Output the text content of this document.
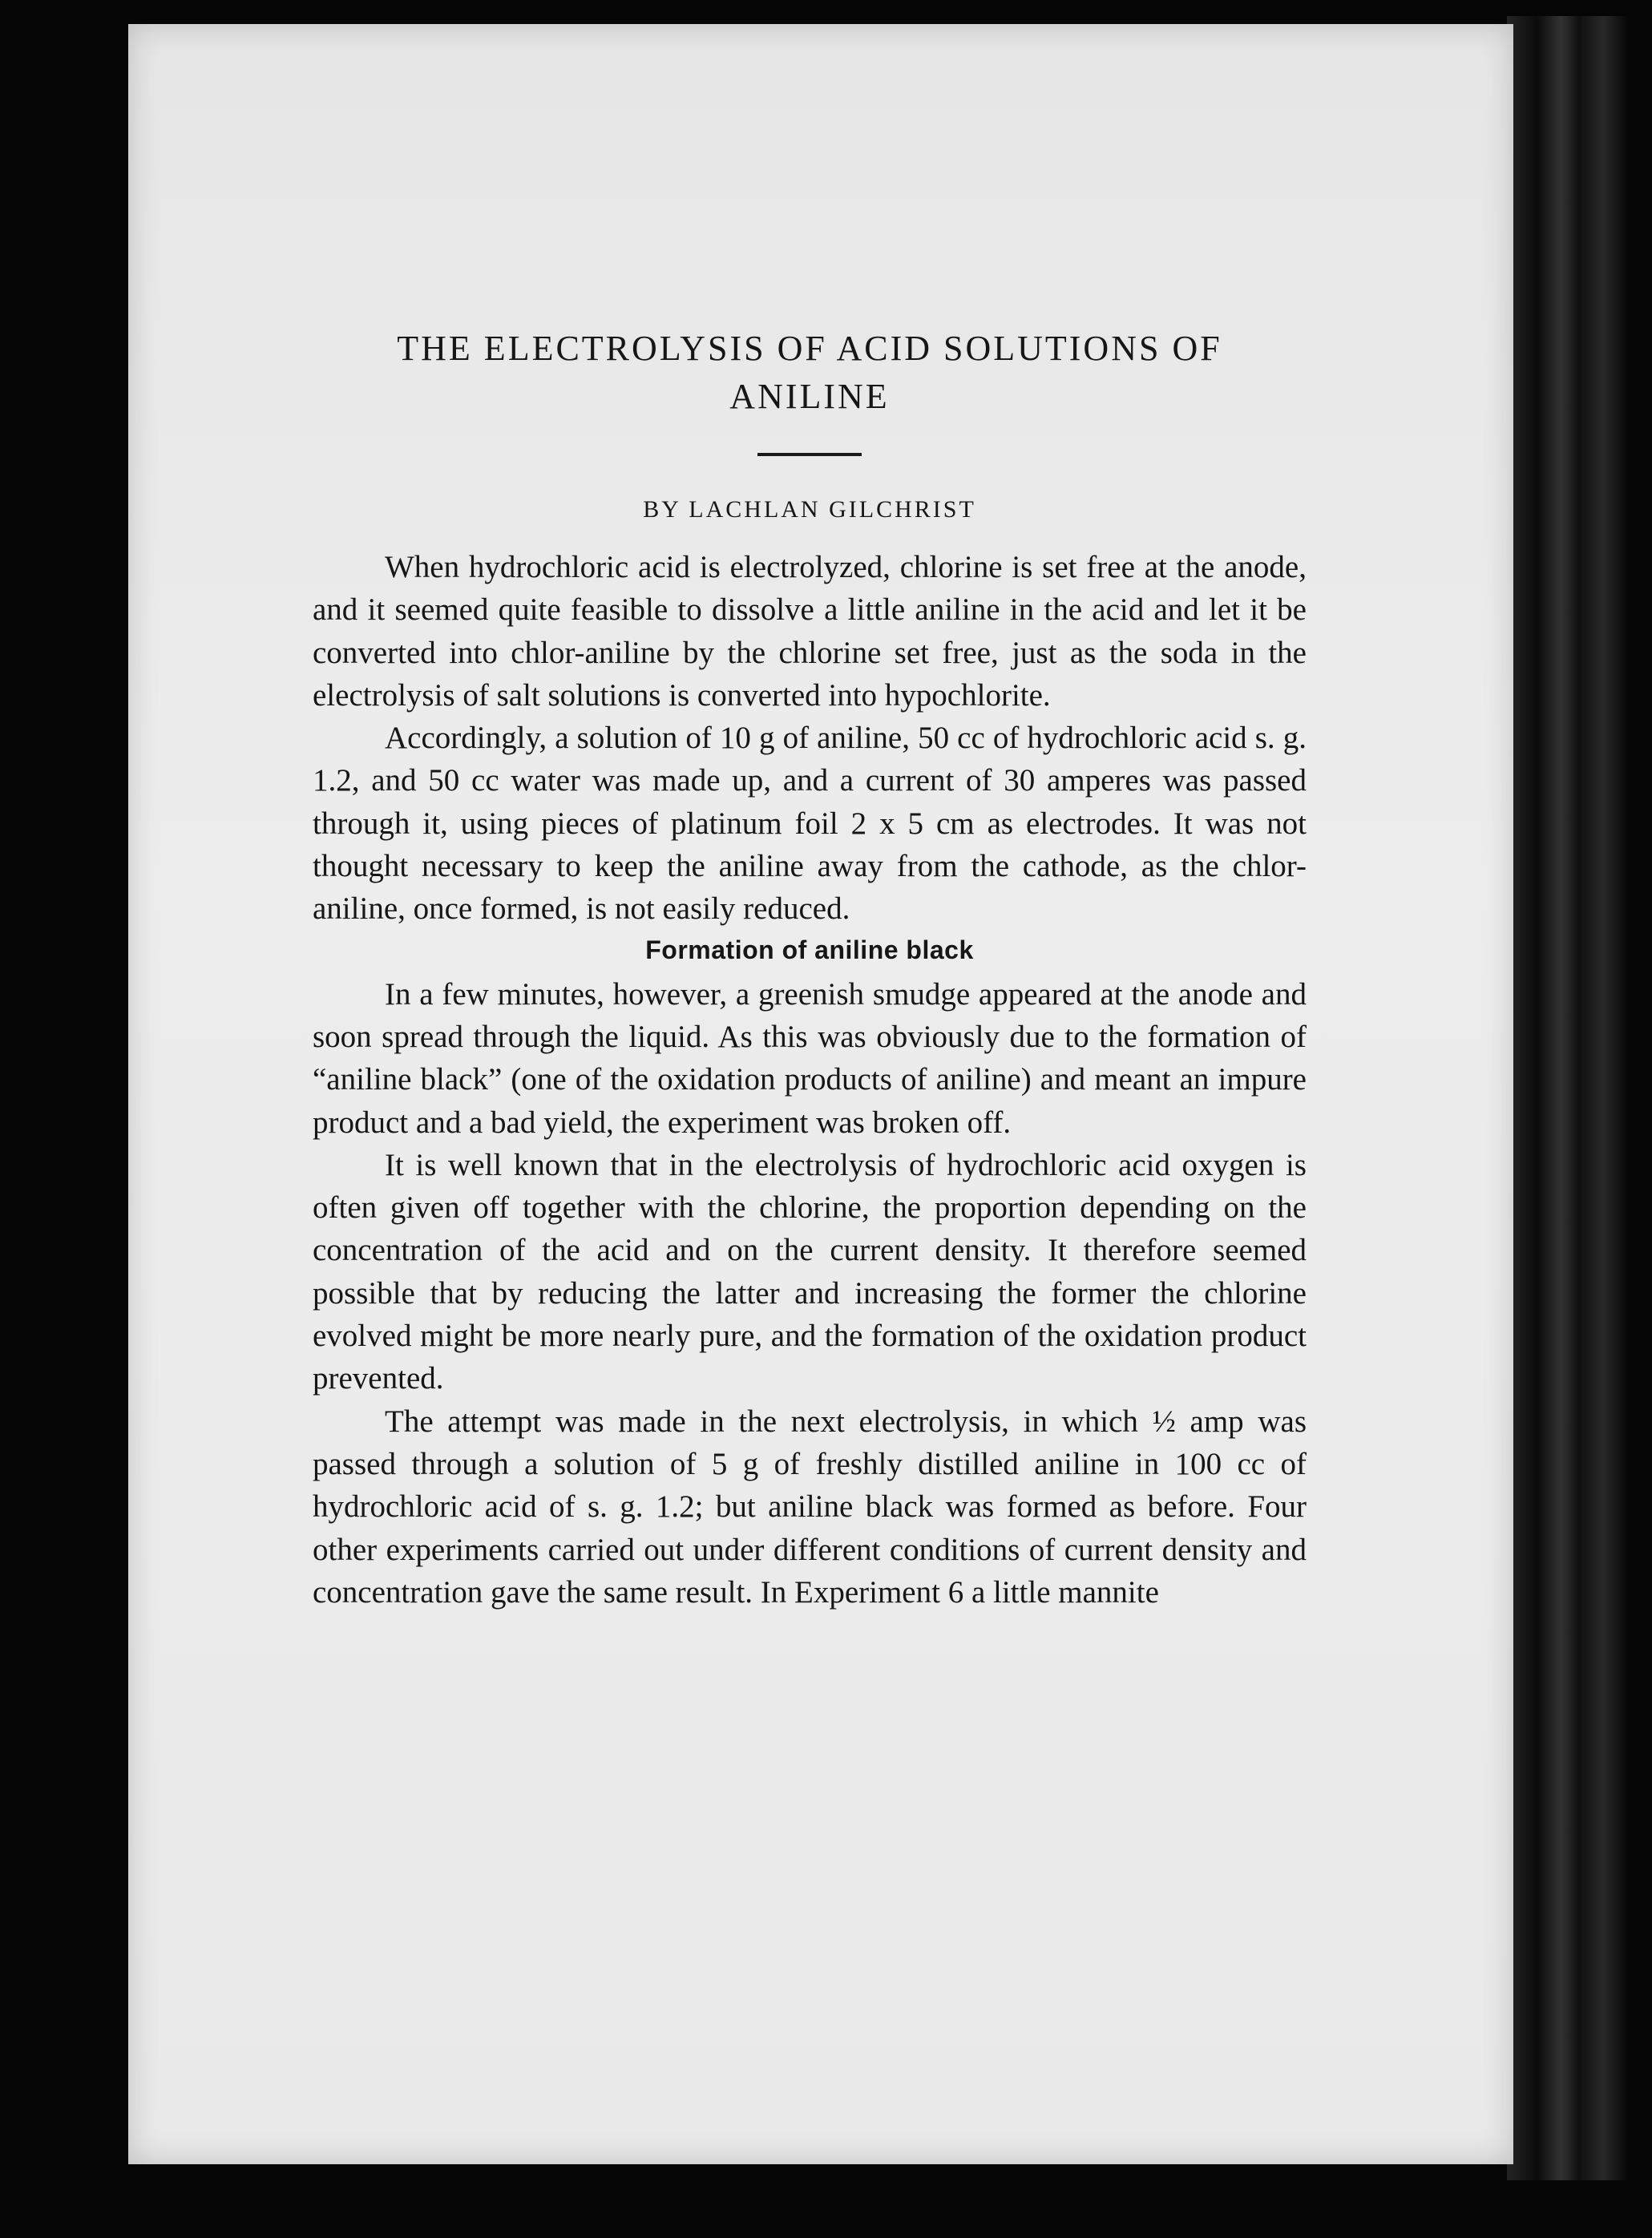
THE ELECTROLYSIS OF ACID SOLUTIONS OF
ANILINE
BY LACHLAN GILCHRIST

When hydrochloric acid is electrolyzed, chlorine is set free at the anode, and it seemed quite feasible to dissolve a little aniline in the acid and let it be converted into chlor-aniline by the chlorine set free, just as the soda in the electrolysis of salt solutions is converted into hypochlorite.

Accordingly, a solution of 10 g of aniline, 50 cc of hydrochloric acid s. g. 1.2, and 50 cc water was made up, and a current of 30 amperes was passed through it, using pieces of platinum foil 2 x 5 cm as electrodes. It was not thought necessary to keep the aniline away from the cathode, as the chlor-aniline, once formed, is not easily reduced.

Formation of aniline black

In a few minutes, however, a greenish smudge appeared at the anode and soon spread through the liquid. As this was obviously due to the formation of “aniline black” (one of the oxidation products of aniline) and meant an impure product and a bad yield, the experiment was broken off.

It is well known that in the electrolysis of hydrochloric acid oxygen is often given off together with the chlorine, the proportion depending on the concentration of the acid and on the current density. It therefore seemed possible that by reducing the latter and increasing the former the chlorine evolved might be more nearly pure, and the formation of the oxidation product prevented.

The attempt was made in the next electrolysis, in which ½ amp was passed through a solution of 5 g of freshly distilled aniline in 100 cc of hydrochloric acid of s. g. 1.2; but aniline black was formed as before. Four other experiments carried out under different conditions of current density and concentration gave the same result. In Experiment 6 a little mannite
